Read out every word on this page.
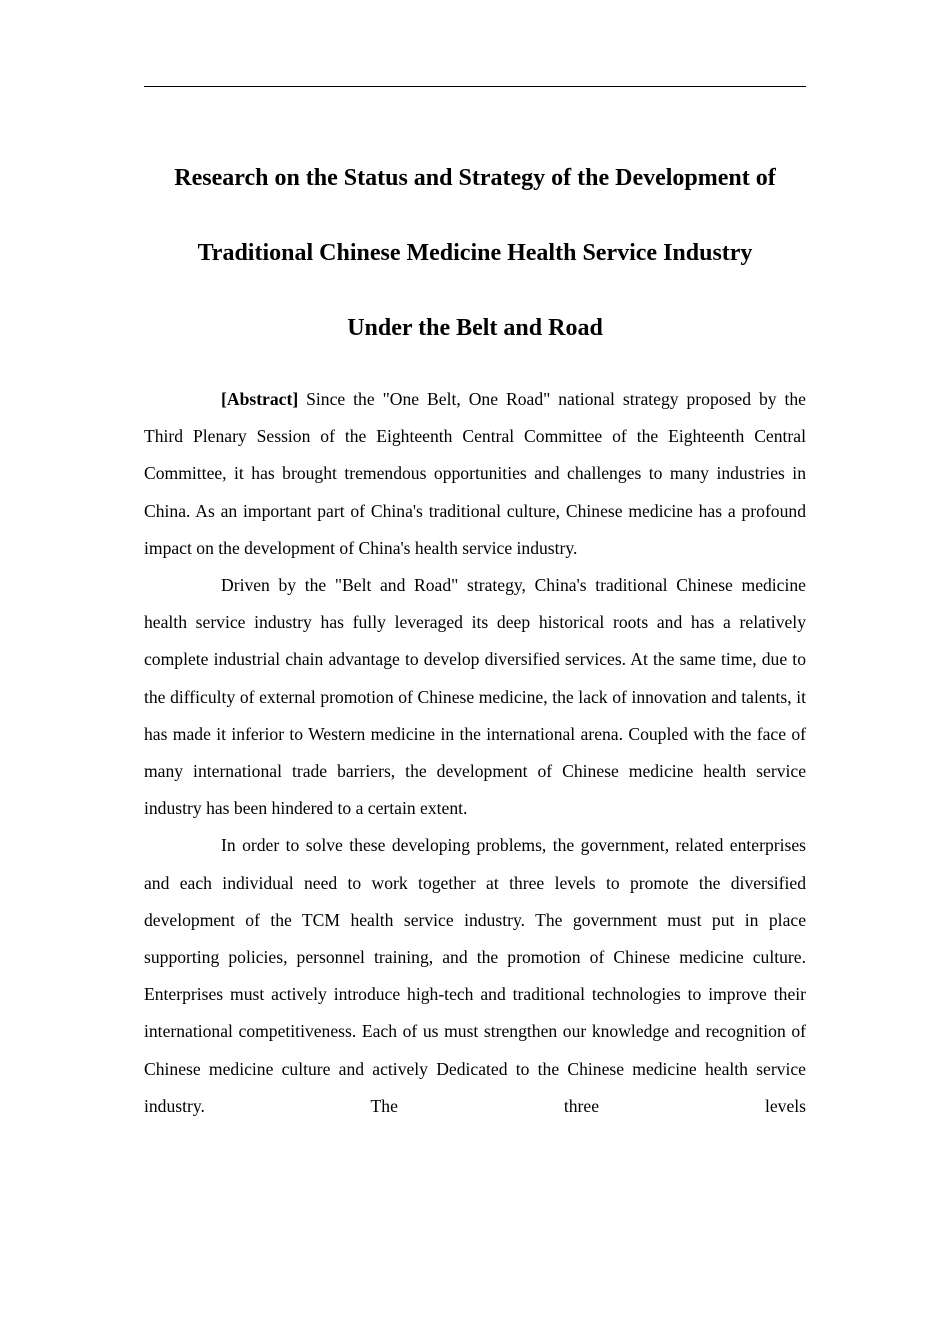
Research on the Status and Strategy of the Development of
Traditional Chinese Medicine Health Service Industry
Under the Belt and Road

[Abstract] Since the "One Belt, One Road" national strategy proposed by the Third Plenary Session of the Eighteenth Central Committee of the Eighteenth Central Committee, it has brought tremendous opportunities and challenges to many industries in China. As an important part of China's traditional culture, Chinese medicine has a profound impact on the development of China's health service industry.

Driven by the "Belt and Road" strategy, China's traditional Chinese medicine health service industry has fully leveraged its deep historical roots and has a relatively complete industrial chain advantage to develop diversified services. At the same time, due to the difficulty of external promotion of Chinese medicine, the lack of innovation and talents, it has made it inferior to Western medicine in the international arena. Coupled with the face of many international trade barriers, the development of Chinese medicine health service industry has been hindered to a certain extent.

In order to solve these developing problems, the government, related enterprises and each individual need to work together at three levels to promote the diversified development of the TCM health service industry. The government must put in place supporting policies, personnel training, and the promotion of Chinese medicine culture. Enterprises must actively introduce high-tech and traditional technologies to improve their international competitiveness. Each of us must strengthen our knowledge and recognition of Chinese medicine culture and actively Dedicated to the Chinese medicine health service industry. The three levels
